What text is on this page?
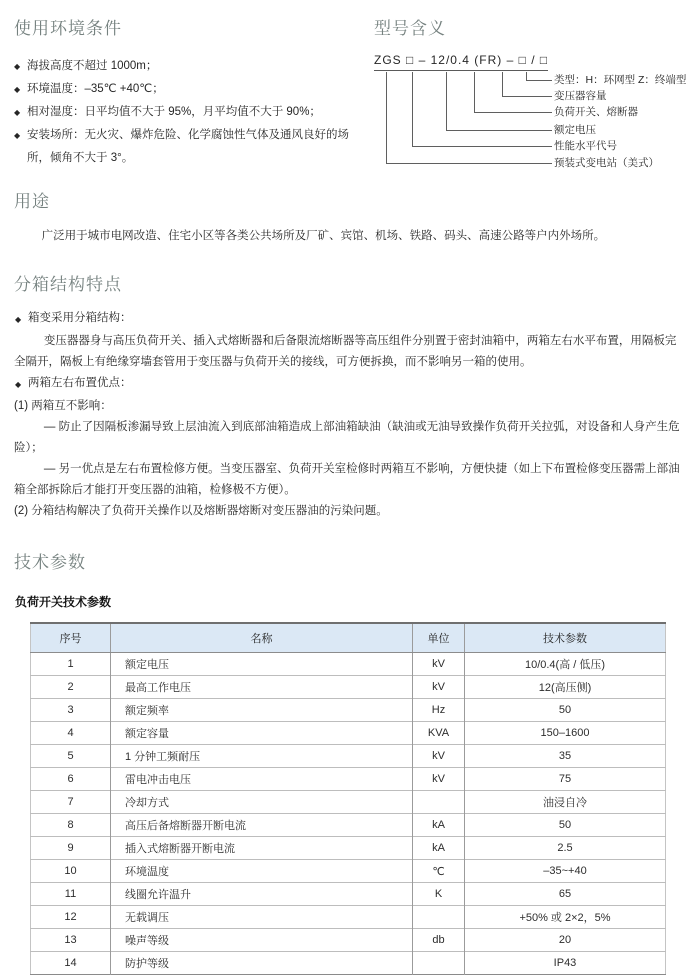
使用环境条件
◆ 海拔高度不超过 1000m；
◆ 环境温度：–35℃ +40℃；
◆ 相对湿度：日平均值不大于 95%，月平均值不大于 90%；
◆ 安装场所：无火灾、爆炸危险、化学腐蚀性气体及通风良好的场所，倾角不大于 3°。
型号含义
ZGS □ – 12/0.4 (FR) – □ / □
类型：H：环网型 Z：终端型
变压器容量
负荷开关、熔断器
额定电压
性能水平代号
预装式变电站（美式）
用途

广泛用于城市电网改造、住宅小区等各类公共场所及厂矿、宾馆、机场、铁路、码头、高速公路等户内外场所。

分箱结构特点
◆ 箱变采用分箱结构：
变压器器身与高压负荷开关、插入式熔断器和后备限流熔断器等高压组件分别置于密封油箱中，两箱左右水平布置，用隔板完全隔开，隔板上有绝缘穿墙套管用于变压器与负荷开关的接线，可方便拆换，而不影响另一箱的使用。
◆ 两箱左右布置优点：
(1) 两箱互不影响：
— 防止了因隔板渗漏导致上层油流入到底部油箱造成上部油箱缺油（缺油或无油导致操作负荷开关拉弧，对设备和人身产生危险）；
— 另一优点是左右布置检修方便。当变压器室、负荷开关室检修时两箱互不影响，方便快捷（如上下布置检修变压器需上部油箱全部拆除后才能打开变压器的油箱，检修极不方便）。
(2) 分箱结构解决了负荷开关操作以及熔断器熔断对变压器油的污染问题。
技术参数
负荷开关技术参数
序号	名称	单位	技术参数
1	额定电压	kV	10/0.4(高 / 低压)
2	最高工作电压	kV	12(高压侧)
3	额定频率	Hz	50
4	额定容量	KVA	150–1600
5	1 分钟工频耐压	kV	35
6	雷电冲击电压	kV	75
7	冷却方式		油浸自冷
8	高压后备熔断器开断电流	kA	50
9	插入式熔断器开断电流	kA	2.5
10	环境温度	℃	–35~+40
11	线圈允许温升	K	65
12	无载调压		+50% 或 2×2，5%
13	噪声等级	db	20
14	防护等级		IP43
